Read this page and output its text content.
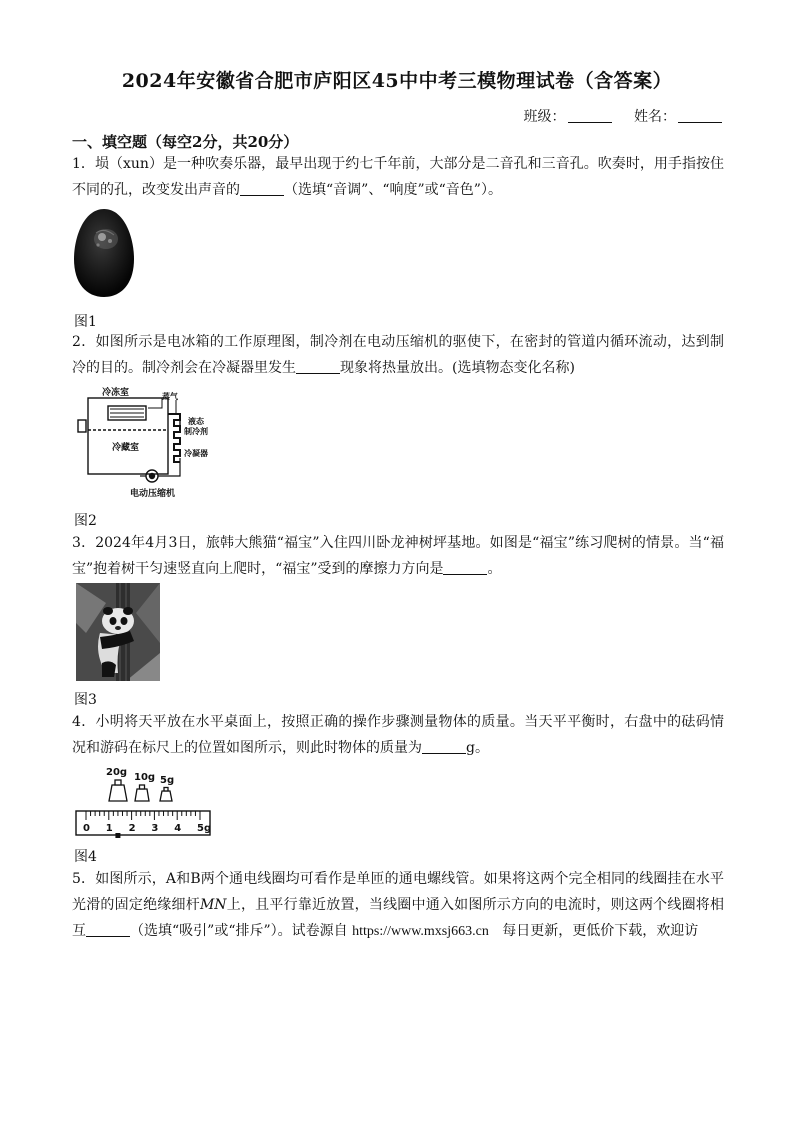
2024年安徽省合肥市庐阳区45中中考三模物理试卷（含答案）
班级：	姓名：
一、填空题（每空2分，共20分）
1．埙（xun）是一种吹奏乐器，最早出现于约七千年前，大部分是二音孔和三音孔。吹奏时，用手指按住不同的孔，改变发出声音的	（选填“音调”、“响度”或“音色”）。
图1
2．如图所示是电冰箱的工作原理图，制冷剂在电动压缩机的驱使下，在密封的管道内循环流动，达到制冷的目的。制冷剂会在冷凝器里发生	现象将热量放出。(选填物态变化名称)
冷冻室	蒸气
液态
制冷剂
冷藏室
冷凝器
电动压缩机
图2
3．2024年4月3日，旅韩大熊猫“福宝”入住四川卧龙神树坪基地。如图是“福宝”练习爬树的情景。当“福宝”抱着树干匀速竖直向上爬时，“福宝”受到的摩擦力方向是	。
图3
4．小明将天平放在水平桌面上，按照正确的操作步骤测量物体的质量。当天平平衡时，右盘中的砝码情况和游码在标尺上的位置如图所示，则此时物体的质量为	g。
20g 10g 5g
0 1 2 3 4 5g
图4
5．如图所示，A和B两个通电线圈均可看作是单匝的通电螺线管。如果将这两个完全相同的线圈挂在水平光滑的固定绝缘细杆MN上，且平行靠近放置，当线圈中通入如图所示方向的电流时，则这两个线圈将相互	（选填“吸引”或“排斥”）。试卷源自 https://www.mxsj663.cn 每日更新，更低价下载，欢迎访
